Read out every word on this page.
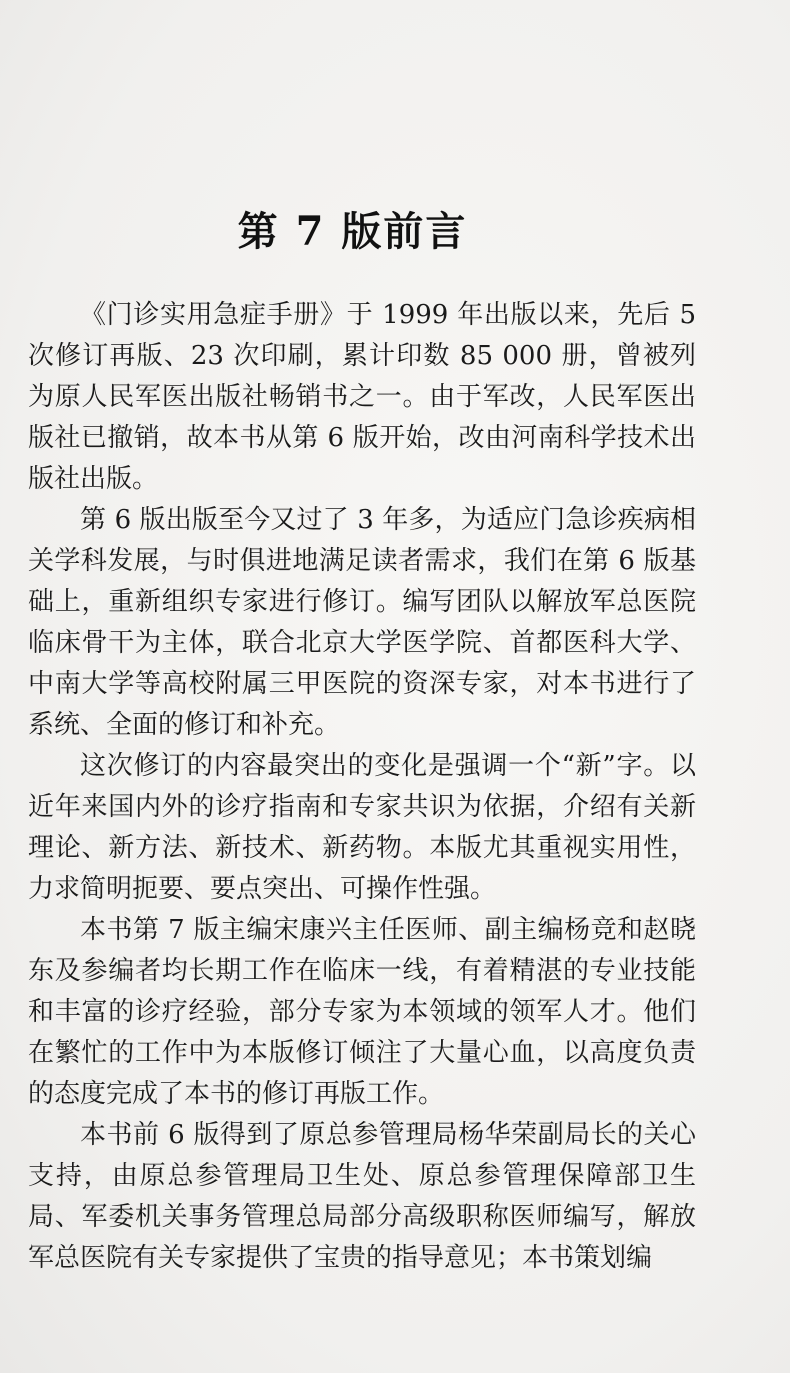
第 7 版前言

《门诊实用急症手册》于 1999 年出版以来，先后 5 次修订再版、23 次印刷，累计印数 85 000 册，曾被列为原人民军医出版社畅销书之一。由于军改，人民军医出版社已撤销，故本书从第 6 版开始，改由河南科学技术出版社出版。

第 6 版出版至今又过了 3 年多，为适应门急诊疾病相关学科发展，与时俱进地满足读者需求，我们在第 6 版基础上，重新组织专家进行修订。编写团队以解放军总医院临床骨干为主体，联合北京大学医学院、首都医科大学、中南大学等高校附属三甲医院的资深专家，对本书进行了系统、全面的修订和补充。

这次修订的内容最突出的变化是强调一个“新”字。以近年来国内外的诊疗指南和专家共识为依据，介绍有关新理论、新方法、新技术、新药物。本版尤其重视实用性，力求简明扼要、要点突出、可操作性强。

本书第 7 版主编宋康兴主任医师、副主编杨竞和赵晓东及参编者均长期工作在临床一线，有着精湛的专业技能和丰富的诊疗经验，部分专家为本领域的领军人才。他们在繁忙的工作中为本版修订倾注了大量心血，以高度负责的态度完成了本书的修订再版工作。

本书前 6 版得到了原总参管理局杨华荣副局长的关心支持，由原总参管理局卫生处、原总参管理保障部卫生局、军委机关事务管理总局部分高级职称医师编写，解放军总医院有关专家提供了宝贵的指导意见；本书策划编
